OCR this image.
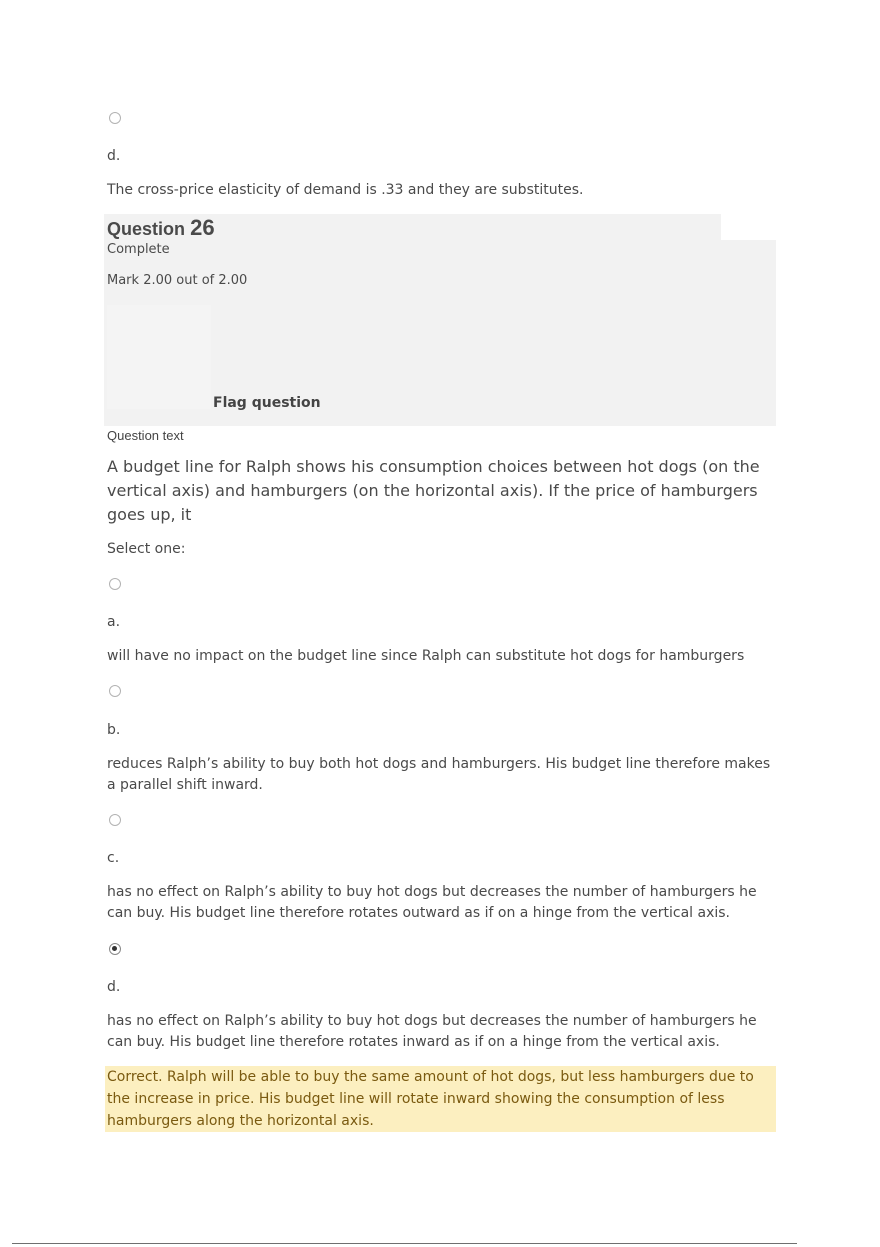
d.
The cross-price elasticity of demand is .33 and they are substitutes.
Question 26
Complete
Mark 2.00 out of 2.00
Flag question
Question text
A budget line for Ralph shows his consumption choices between hot dogs (on the vertical axis) and hamburgers (on the horizontal axis). If the price of hamburgers goes up, it
Select one:
a.
will have no impact on the budget line since Ralph can substitute hot dogs for hamburgers
b.
reduces Ralph’s ability to buy both hot dogs and hamburgers. His budget line therefore makes a parallel shift inward.
c.
has no effect on Ralph’s ability to buy hot dogs but decreases the number of hamburgers he can buy. His budget line therefore rotates outward as if on a hinge from the vertical axis.
d.
has no effect on Ralph’s ability to buy hot dogs but decreases the number of hamburgers he can buy. His budget line therefore rotates inward as if on a hinge from the vertical axis.
Correct. Ralph will be able to buy the same amount of hot dogs, but less hamburgers due to the increase in price. His budget line will rotate inward showing the consumption of less hamburgers along the horizontal axis.
